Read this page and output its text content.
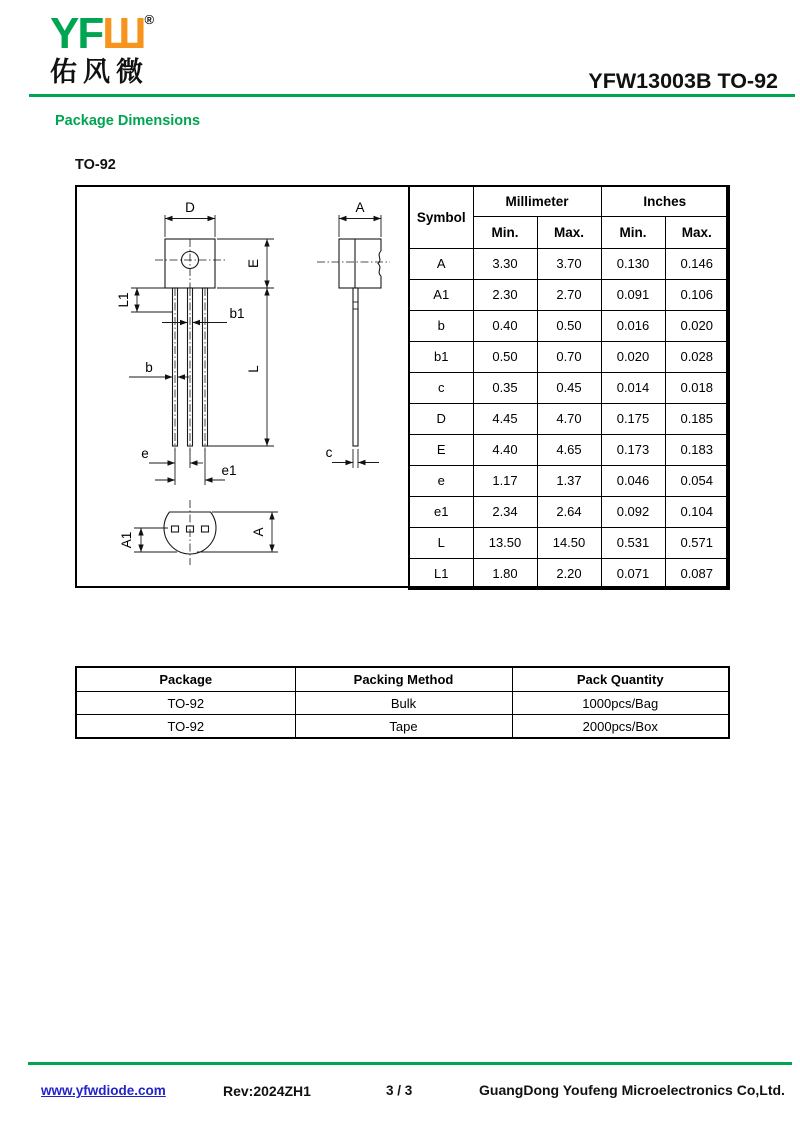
YFШ®
佑风微	YFW13003B TO-92
Package Dimensions
TO-92
D
E
L1
b1
b	L
e
e1
A1	A
A
c
Symbol	Millimeter		Inches	
	Min.	Max.	Min.	Max.
A	3.30	3.70	0.130	0.146
A1	2.30	2.70	0.091	0.106
b	0.40	0.50	0.016	0.020
b1	0.50	0.70	0.020	0.028
c	0.35	0.45	0.014	0.018
D	4.45	4.70	0.175	0.185
E	4.40	4.65	0.173	0.183
e	1.17	1.37	0.046	0.054
e1	2.34	2.64	0.092	0.104
L	13.50	14.50	0.531	0.571
L1	1.80	2.20	0.071	0.087
Package	Packing Method	Pack Quantity
TO-92	Bulk	1000pcs/Bag
TO-92	Tape	2000pcs/Box
www.yfwdiode.com	Rev:2024ZH1	3 / 3	GuangDong Youfeng Microelectronics Co,Ltd.
